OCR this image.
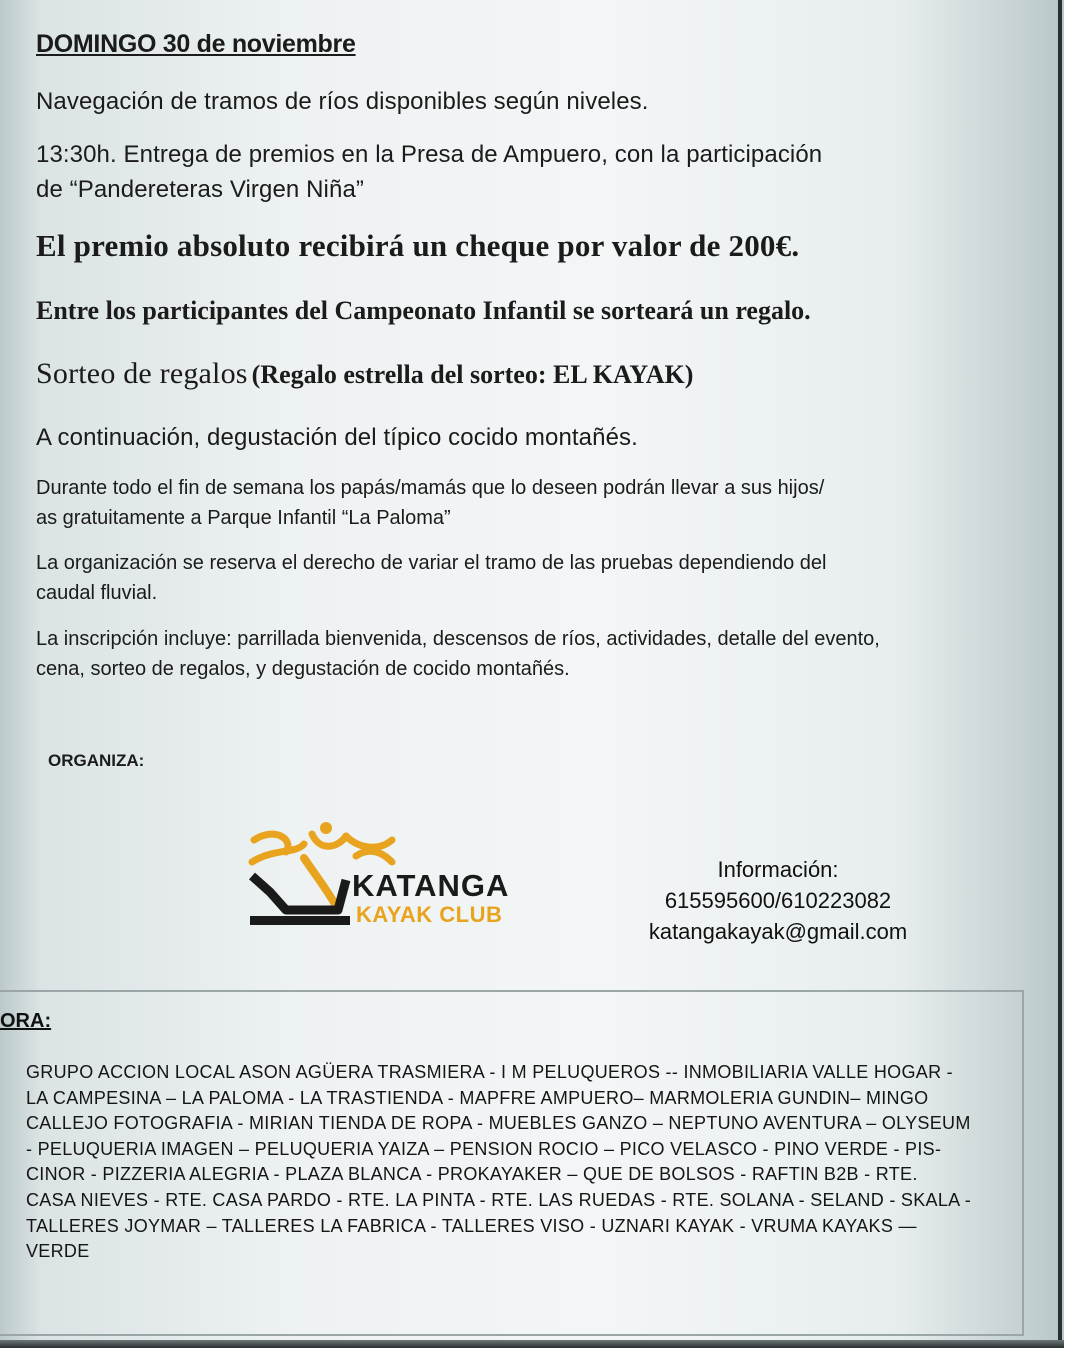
DOMINGO 30 de noviembre

Navegación de tramos de ríos disponibles según niveles.

13:30h. Entrega de premios en la Presa de Ampuero, con la participación

de “Pandereteras Virgen Niña”

El premio absoluto recibirá un cheque por valor de 200€.

Entre los participantes del Campeonato Infantil se sorteará un regalo.

Sorteo de regalos (Regalo estrella del sorteo: EL KAYAK)

A continuación, degustación del típico cocido montañés.

Durante todo el fin de semana los papás/mamás que lo deseen podrán llevar a sus hijos/
as gratuitamente a Parque Infantil “La Paloma”
La organización se reserva el derecho de variar el tramo de las pruebas dependiendo del
caudal fluvial.
La inscripción incluye: parrillada bienvenida, descensos de ríos, actividades, detalle del evento,
cena, sorteo de regalos, y degustación de cocido montañés.

ORGANIZA:

KATANGA
KAYAK CLUB
Información:
615595600/610223082
katangakayak@gmail.com
ORA:
GRUPO ACCION LOCAL ASON AGÜERA TRASMIERA - I M PELUQUEROS -- INMOBILIARIA VALLE HOGAR -
LA CAMPESINA – LA PALOMA - LA TRASTIENDA - MAPFRE AMPUERO– MARMOLERIA GUNDIN– MINGO
CALLEJO FOTOGRAFIA - MIRIAN TIENDA DE ROPA - MUEBLES GANZO – NEPTUNO AVENTURA – OLYSEUM
- PELUQUERIA IMAGEN – PELUQUERIA YAIZA – PENSION ROCIO – PICO VELASCO - PINO VERDE - PIS-
CINOR - PIZZERIA ALEGRIA - PLAZA BLANCA - PROKAYAKER – QUE DE BOLSOS - RAFTIN B2B - RTE.
CASA NIEVES - RTE. CASA PARDO - RTE. LA PINTA - RTE. LAS RUEDAS - RTE. SOLANA - SELAND - SKALA -
TALLERES JOYMAR – TALLERES LA FABRICA - TALLERES VISO - UZNARI KAYAK - VRUMA KAYAKS —
VERDE
